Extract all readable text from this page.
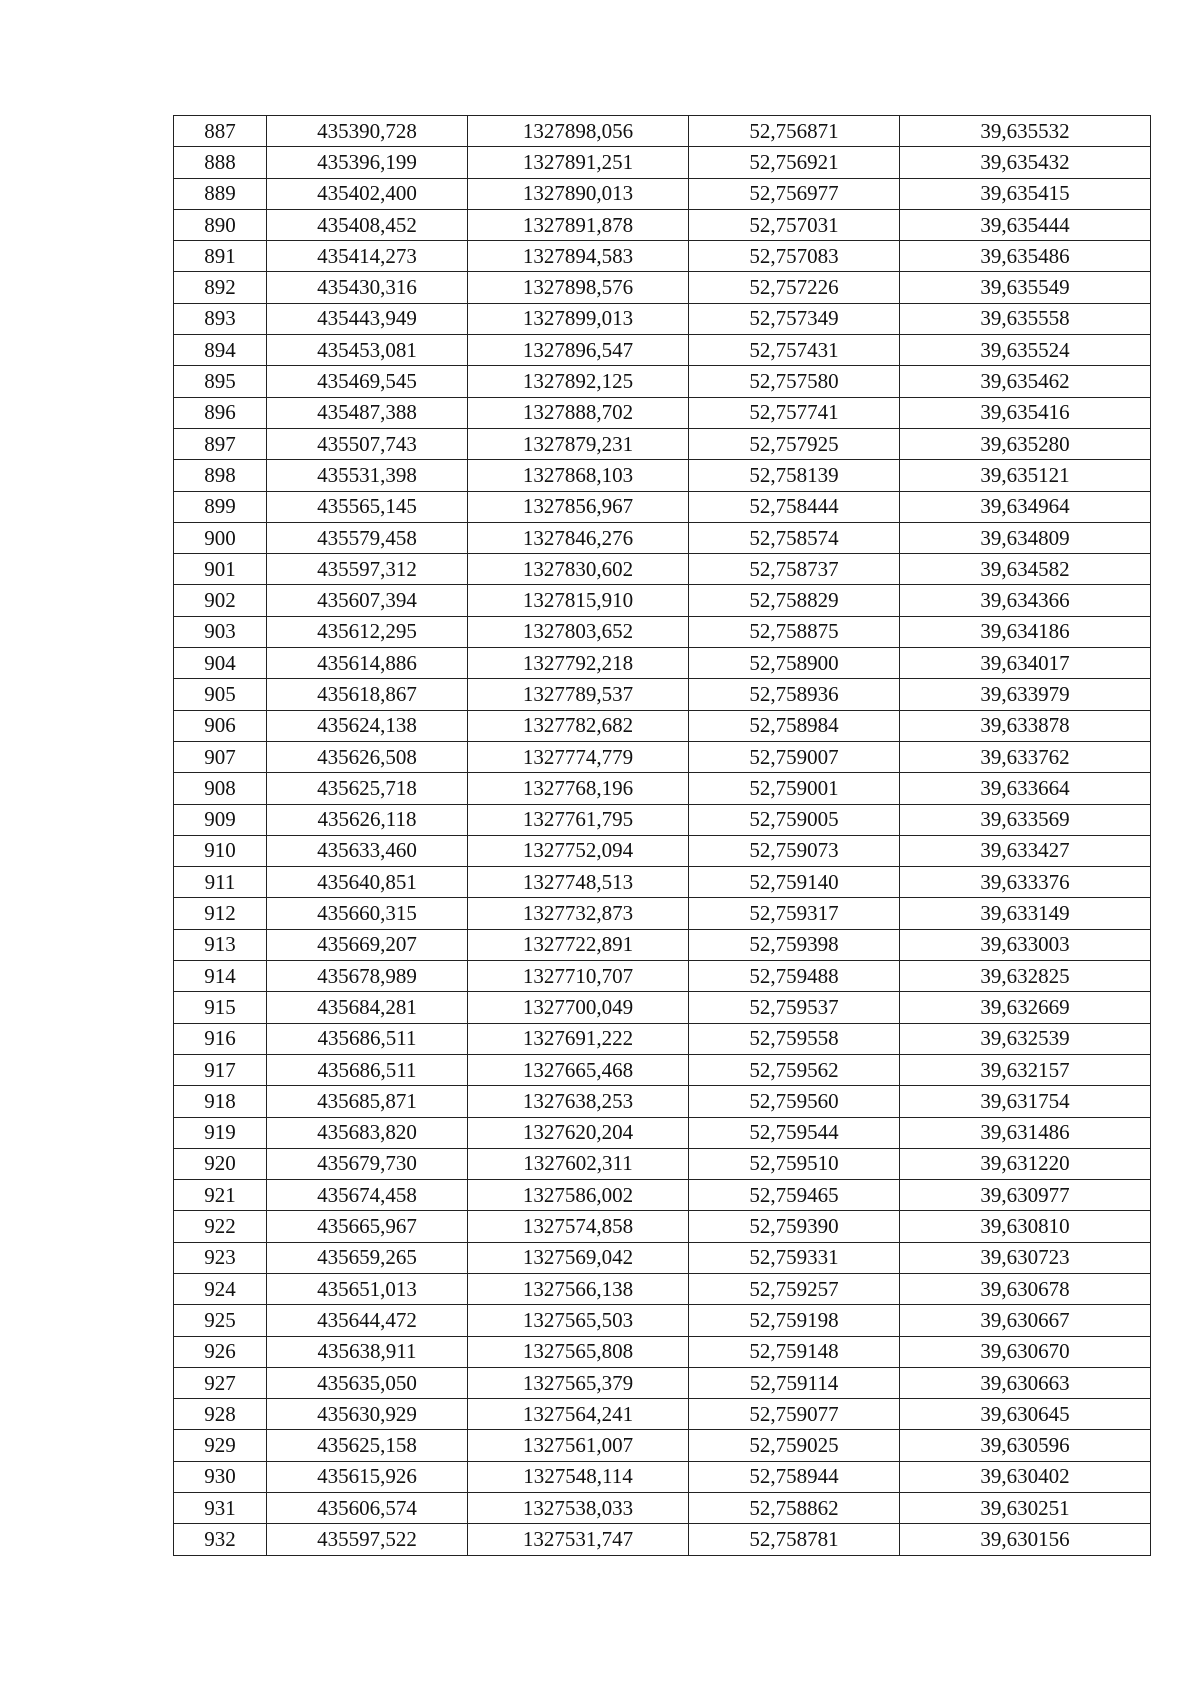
887	435390,728	1327898,056	52,756871	39,635532
888	435396,199	1327891,251	52,756921	39,635432
889	435402,400	1327890,013	52,756977	39,635415
890	435408,452	1327891,878	52,757031	39,635444
891	435414,273	1327894,583	52,757083	39,635486
892	435430,316	1327898,576	52,757226	39,635549
893	435443,949	1327899,013	52,757349	39,635558
894	435453,081	1327896,547	52,757431	39,635524
895	435469,545	1327892,125	52,757580	39,635462
896	435487,388	1327888,702	52,757741	39,635416
897	435507,743	1327879,231	52,757925	39,635280
898	435531,398	1327868,103	52,758139	39,635121
899	435565,145	1327856,967	52,758444	39,634964
900	435579,458	1327846,276	52,758574	39,634809
901	435597,312	1327830,602	52,758737	39,634582
902	435607,394	1327815,910	52,758829	39,634366
903	435612,295	1327803,652	52,758875	39,634186
904	435614,886	1327792,218	52,758900	39,634017
905	435618,867	1327789,537	52,758936	39,633979
906	435624,138	1327782,682	52,758984	39,633878
907	435626,508	1327774,779	52,759007	39,633762
908	435625,718	1327768,196	52,759001	39,633664
909	435626,118	1327761,795	52,759005	39,633569
910	435633,460	1327752,094	52,759073	39,633427
911	435640,851	1327748,513	52,759140	39,633376
912	435660,315	1327732,873	52,759317	39,633149
913	435669,207	1327722,891	52,759398	39,633003
914	435678,989	1327710,707	52,759488	39,632825
915	435684,281	1327700,049	52,759537	39,632669
916	435686,511	1327691,222	52,759558	39,632539
917	435686,511	1327665,468	52,759562	39,632157
918	435685,871	1327638,253	52,759560	39,631754
919	435683,820	1327620,204	52,759544	39,631486
920	435679,730	1327602,311	52,759510	39,631220
921	435674,458	1327586,002	52,759465	39,630977
922	435665,967	1327574,858	52,759390	39,630810
923	435659,265	1327569,042	52,759331	39,630723
924	435651,013	1327566,138	52,759257	39,630678
925	435644,472	1327565,503	52,759198	39,630667
926	435638,911	1327565,808	52,759148	39,630670
927	435635,050	1327565,379	52,759114	39,630663
928	435630,929	1327564,241	52,759077	39,630645
929	435625,158	1327561,007	52,759025	39,630596
930	435615,926	1327548,114	52,758944	39,630402
931	435606,574	1327538,033	52,758862	39,630251
932	435597,522	1327531,747	52,758781	39,630156
